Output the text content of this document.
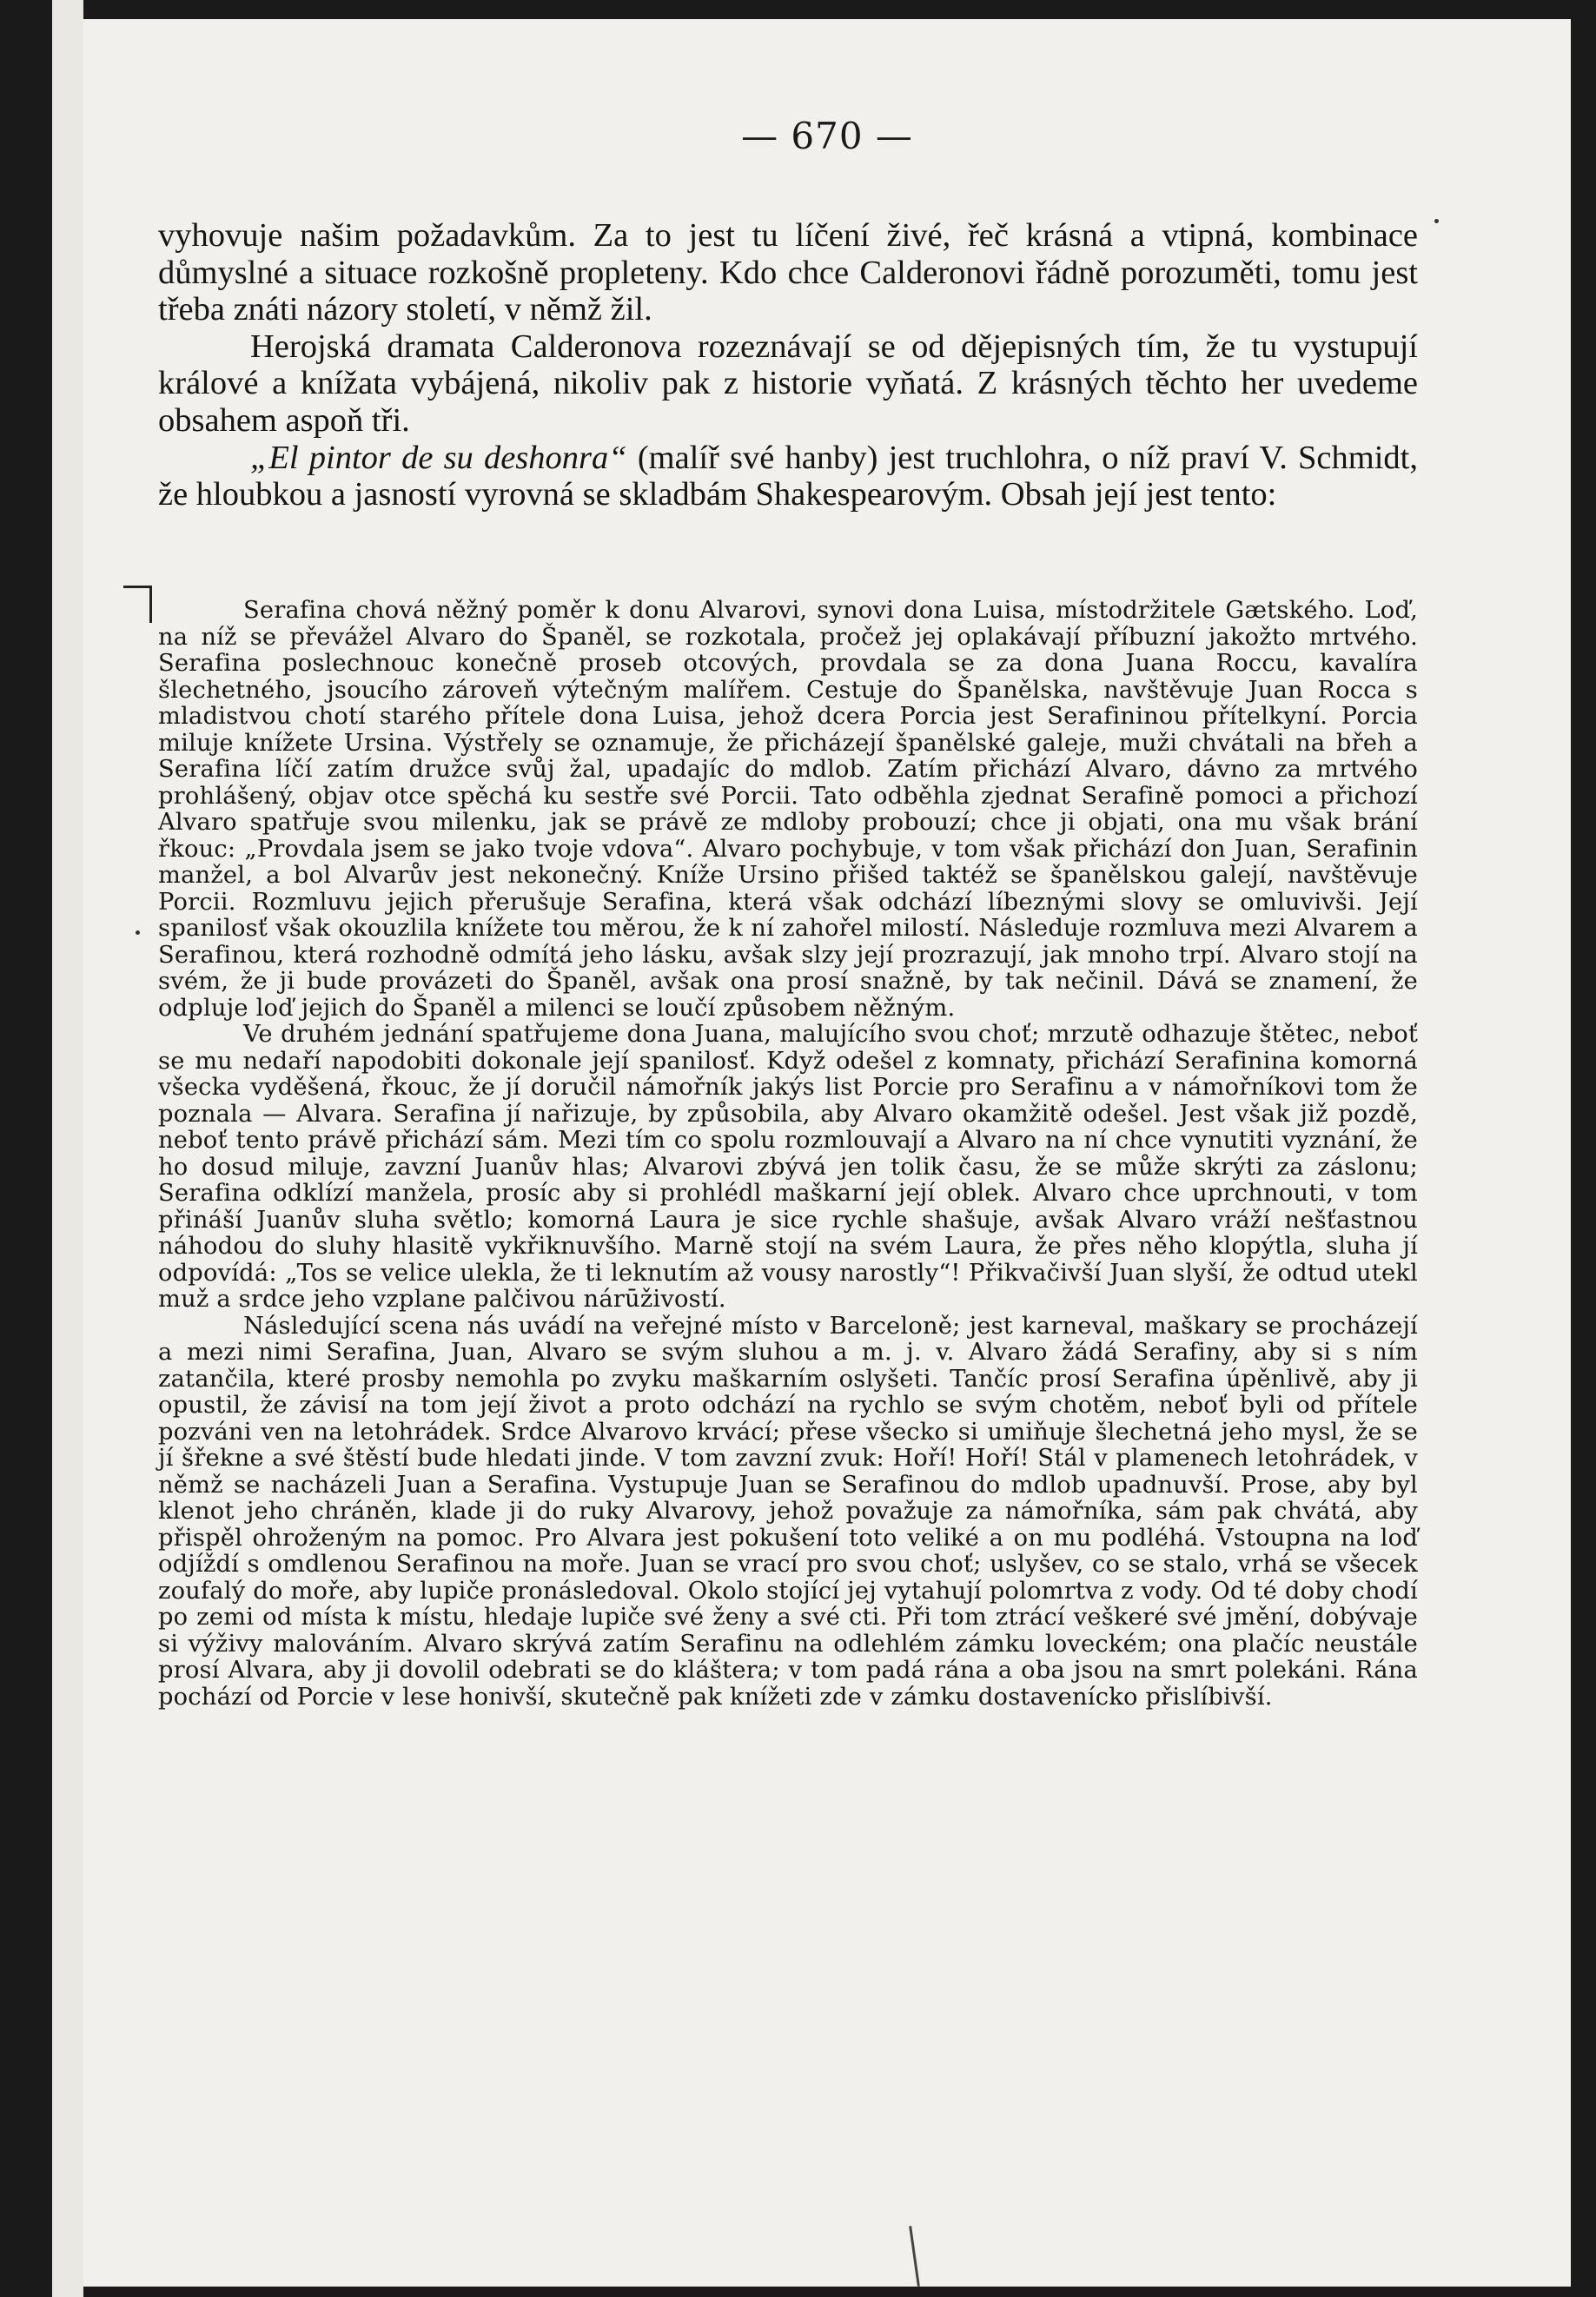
— 670 —

vyhovuje našim požadavkům. Za to jest tu líčení živé, řeč krásná a vtipná, kombinace důmyslné a situace rozkošně propleteny. Kdo chce Calderonovi řádně porozuměti, tomu jest třeba znáti názory století, v němž žil.

Herojská dramata Calderonova rozeznávají se od dějepisných tím, že tu vystupují králové a knížata vybájená, nikoliv pak z historie vyňatá. Z krásných těchto her uvedeme obsahem aspoň tři.

„El pintor de su deshonra“ (malíř své hanby) jest truchlohra, o níž praví V. Schmidt, že hloubkou a jasností vyrovná se skladbám Shakespearovým. Obsah její jest tento:

Serafina chová něžný poměr k donu Alvarovi, synovi dona Luisa, místodržitele Gætského. Loď, na níž se převážel Alvaro do Španěl, se rozkotala, pročež jej oplakávají příbuzní jakožto mrtvého. Serafina poslechnouc konečně proseb otcových, provdala se za dona Juana Roccu, kavalíra šlechetného, jsoucího zároveň výtečným malířem. Cestuje do Španělska, navštěvuje Juan Rocca s mladistvou chotí starého přítele dona Luisa, jehož dcera Porcia jest Serafininou přítelkyní. Porcia miluje knížete Ursina. Výstřely se oznamuje, že přicházejí španělské galeje, muži chvátali na břeh a Serafina líčí zatím družce svůj žal, upadajíc do mdlob. Zatím přichází Alvaro, dávno za mrtvého prohlášený, objav otce spěchá ku sestře své Porcii. Tato odběhla zjednat Serafině pomoci a přichozí Alvaro spatřuje svou milenku, jak se právě ze mdloby probouzí; chce ji objati, ona mu však brání řkouc: „Provdala jsem se jako tvoje vdova“. Alvaro pochybuje, v tom však přichází don Juan, Serafinin manžel, a bol Alvarův jest nekonečný. Kníže Ursino přišed taktéž se španělskou galejí, navštěvuje Porcii. Rozmluvu jejich přerušuje Serafina, která však odchází líbeznými slovy se omluvivši. Její spanilosť však okouzlila knížete tou měrou, že k ní zahořel milostí. Následuje rozmluva mezi Alvarem a Serafinou, která rozhodně odmítá jeho lásku, avšak slzy její prozrazují, jak mnoho trpí. Alvaro stojí na svém, že ji bude provázeti do Španěl, avšak ona prosí snažně, by tak nečinil. Dává se znamení, že odpluje loď jejich do Španěl a milenci se loučí způsobem něžným.

Ve druhém jednání spatřujeme dona Juana, malujícího svou choť; mrzutě odhazuje štětec, neboť se mu nedaří napodobiti dokonale její spanilosť. Když odešel z komnaty, přichází Serafinina komorná všecka vyděšená, řkouc, že jí doručil námořník jakýs list Porcie pro Serafinu a v námořníkovi tom že poznala — Alvara. Serafina jí nařizuje, by způsobila, aby Alvaro okamžitě odešel. Jest však již pozdě, neboť tento právě přichází sám. Mezi tím co spolu rozmlouvají a Alvaro na ní chce vynutiti vyznání, že ho dosud miluje, zavzní Juanův hlas; Alvarovi zbývá jen tolik času, že se může skrýti za záslonu; Serafina odklízí manžela, prosíc aby si prohlédl maškarní její oblek. Alvaro chce uprchnouti, v tom přináší Juanův sluha světlo; komorná Laura je sice rychle shašuje, avšak Alvaro vráží nešťastnou náhodou do sluhy hlasitě vykřiknuvšího. Marně stojí na svém Laura, že přes něho klopýtla, sluha jí odpovídá: „Tos se velice ulekla, že ti leknutím až vousy narostly“! Přikvačivší Juan slyší, že odtud utekl muž a srdce jeho vzplane palčivou nárūživostí.

Následující scena nás uvádí na veřejné místo v Barceloně; jest karneval, maškary se procházejí a mezi nimi Serafina, Juan, Alvaro se svým sluhou a m. j. v. Alvaro žádá Serafiny, aby si s ním zatančila, které prosby nemohla po zvyku maškarním oslyšeti. Tančíc prosí Serafina úpěnlivě, aby ji opustil, že závisí na tom její život a proto odchází na rychlo se svým chotěm, neboť byli od přítele pozváni ven na letohrádek. Srdce Alvarovo krvácí; přese všecko si umiňuje šlechetná jeho mysl, že se jí šřekne a své štěstí bude hledati jinde. V tom zavzní zvuk: Hoří! Hoří! Stál v plamenech letohrádek, v němž se nacházeli Juan a Serafina. Vystupuje Juan se Serafinou do mdlob upadnuvší. Prose, aby byl klenot jeho chráněn, klade ji do ruky Alvarovy, jehož považuje za námořníka, sám pak chvátá, aby přispěl ohroženým na pomoc. Pro Alvara jest pokušení toto veliké a on mu podléhá. Vstoupna na loď odjíždí s omdlenou Serafinou na moře. Juan se vrací pro svou choť; uslyšev, co se stalo, vrhá se všecek zoufalý do moře, aby lupiče pronásledoval. Okolo stojící jej vytahují polomrtva z vody. Od té doby chodí po zemi od místa k místu, hledaje lupiče své ženy a své cti. Při tom ztrácí veškeré své jmění, dobývaje si výživy malováním. Alvaro skrývá zatím Serafinu na odlehlém zámku loveckém; ona plačíc neustále prosí Alvara, aby ji dovolil odebrati se do kláštera; v tom padá rána a oba jsou na smrt polekáni. Rána pochází od Porcie v lese honivší, skutečně pak knížeti zde v zámku dostavenícko přislíbivší.
